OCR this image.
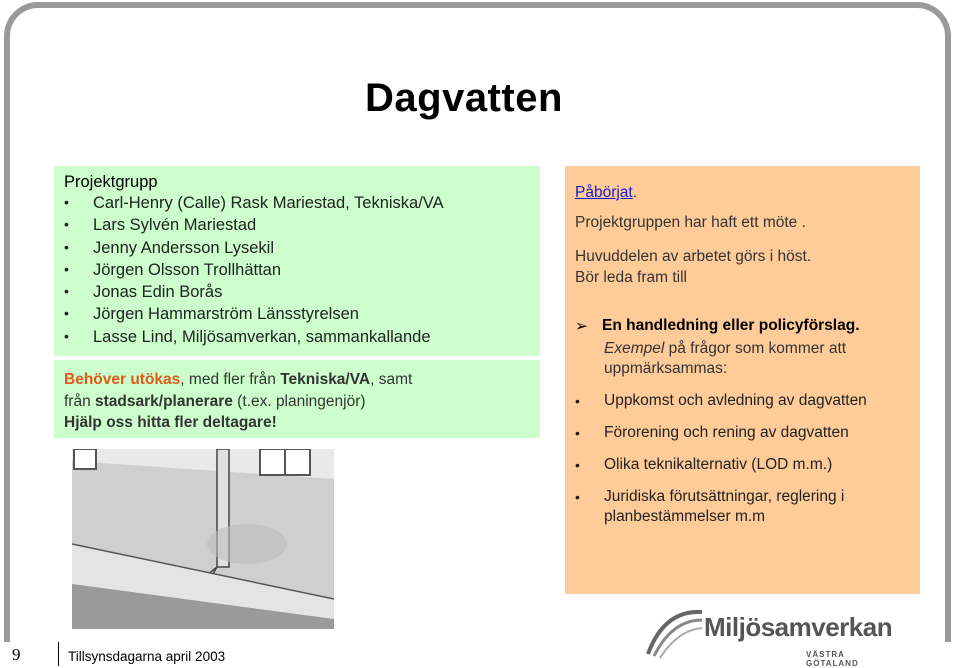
Dagvatten
Projektgrupp
• Carl-Henry (Calle) Rask Mariestad, Tekniska/VA
• Lars Sylvén Mariestad
• Jenny Andersson Lysekil
• Jörgen Olsson Trollhättan
• Jonas Edin Borås
• Jörgen Hammarström Länsstyrelsen
• Lasse Lind, Miljösamverkan, sammankallande
Behöver utökas, med fler från Tekniska/VA, samt
från stadsark/planerare (t.ex. planingenjör)
Hjälp oss hitta fler deltagare!
Påbörjat.
Projektgruppen har haft ett möte .
Huvuddelen av arbetet görs i höst.
Bör leda fram till
➢ En handledning eller policyförslag.
Exempel på frågor som kommer att uppmärksammas:
• Uppkomst och avledning av dagvatten
• Förorening och rening av dagvatten
• Olika teknikalternativ (LOD m.m.)
• Juridiska förutsättningar, reglering i planbestämmelser m.m
9	Tillsynsdagarna april 2003
Miljösamverkan
VÄSTRA GÖTALAND
